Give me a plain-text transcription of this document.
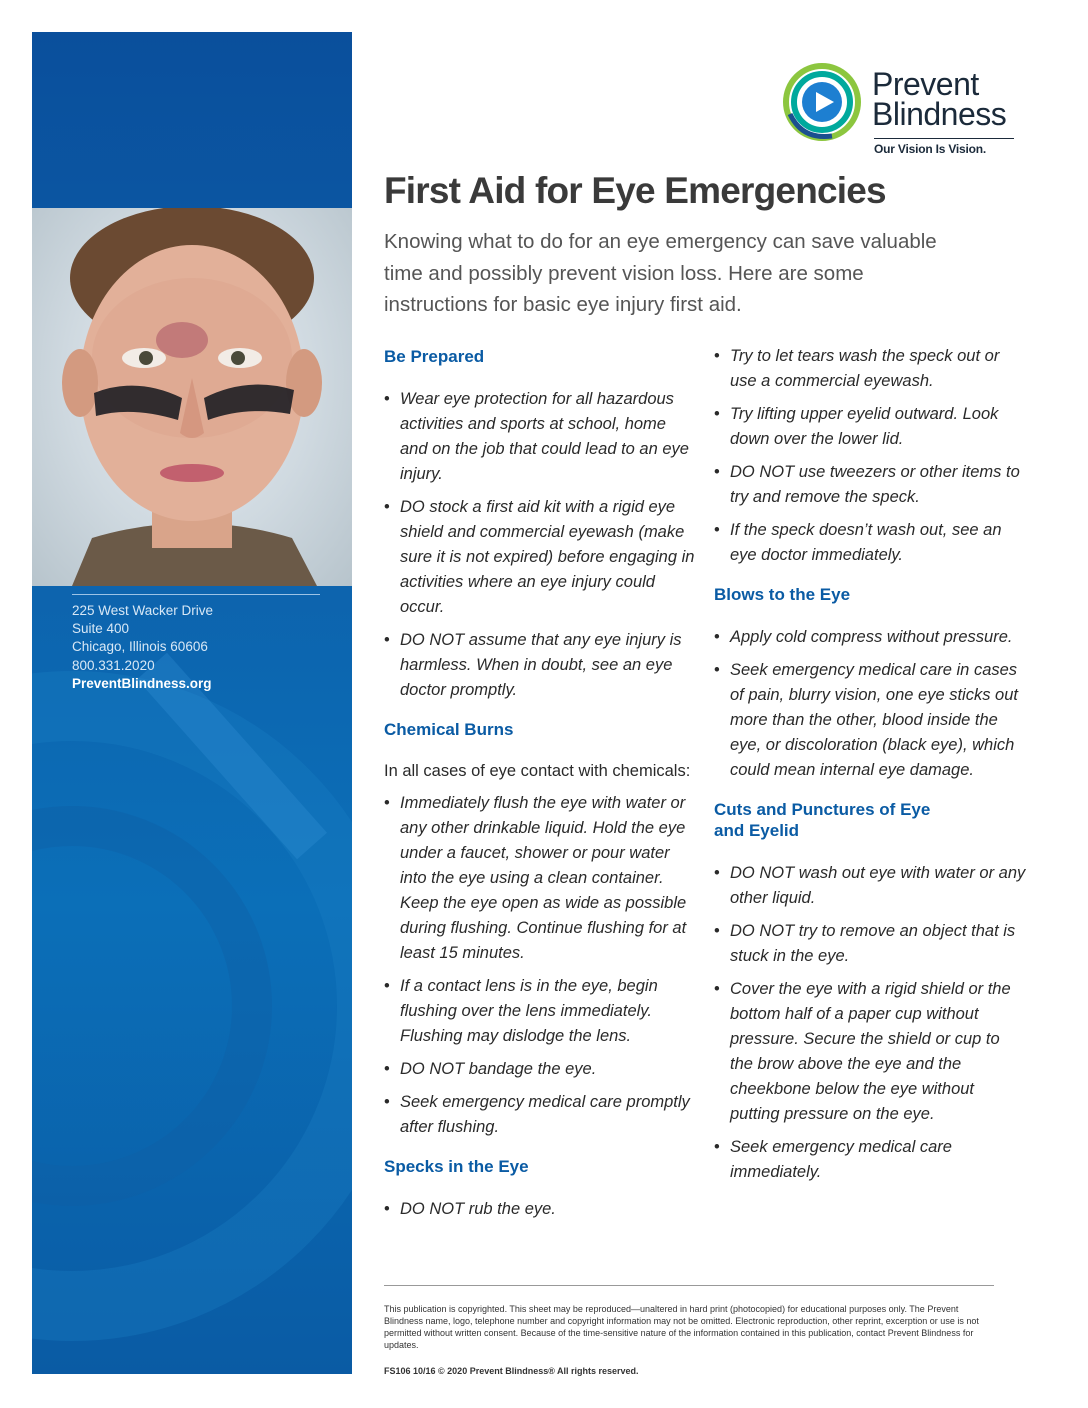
225 West Wacker Drive
Suite 400
Chicago, Illinois 60606
800.331.2020
PreventBlindness.org
Prevent
Blindness
Our Vision Is Vision.
First Aid for Eye Emergencies
Knowing what to do for an eye emergency can save valuable time and possibly prevent vision loss. Here are some instructions for basic eye injury first aid.
Be Prepared
• Wear eye protection for all hazardous activities and sports at school, home and on the job that could lead to an eye injury.
• DO stock a first aid kit with a rigid eye shield and commercial eyewash (make sure it is not expired) before engaging in activities where an eye injury could occur.
• DO NOT assume that any eye injury is harmless. When in doubt, see an eye doctor promptly.
Chemical Burns
In all cases of eye contact with chemicals:
• Immediately flush the eye with water or any other drinkable liquid. Hold the eye under a faucet, shower or pour water into the eye using a clean container. Keep the eye open as wide as possible during flushing. Continue flushing for at least 15 minutes.
• If a contact lens is in the eye, begin flushing over the lens immediately. Flushing may dislodge the lens.
• DO NOT bandage the eye.
• Seek emergency medical care promptly after flushing.
Specks in the Eye
• DO NOT rub the eye.
• Try to let tears wash the speck out or use a commercial eyewash.
• Try lifting upper eyelid outward. Look down over the lower lid.
• DO NOT use tweezers or other items to try and remove the speck.
• If the speck doesn’t wash out, see an eye doctor immediately.
Blows to the Eye
• Apply cold compress without pressure.
• Seek emergency medical care in cases of pain, blurry vision, one eye sticks out more than the other, blood inside the eye, or discoloration (black eye), which could mean internal eye damage.
Cuts and Punctures of Eye and Eyelid
• DO NOT wash out eye with water or any other liquid.
• DO NOT try to remove an object that is stuck in the eye.
• Cover the eye with a rigid shield or the bottom half of a paper cup without pressure. Secure the shield or cup to the brow above the eye and the cheekbone below the eye without putting pressure on the eye.
• Seek emergency medical care immediately.
This publication is copyrighted. This sheet may be reproduced—unaltered in hard print (photocopied) for educational purposes only. The Prevent Blindness name, logo, telephone number and copyright information may not be omitted. Electronic reproduction, other reprint, excerption or use is not permitted without written consent. Because of the time-sensitive nature of the information contained in this publication, contact Prevent Blindness for updates.
FS106 10/16 © 2020 Prevent Blindness® All rights reserved.
